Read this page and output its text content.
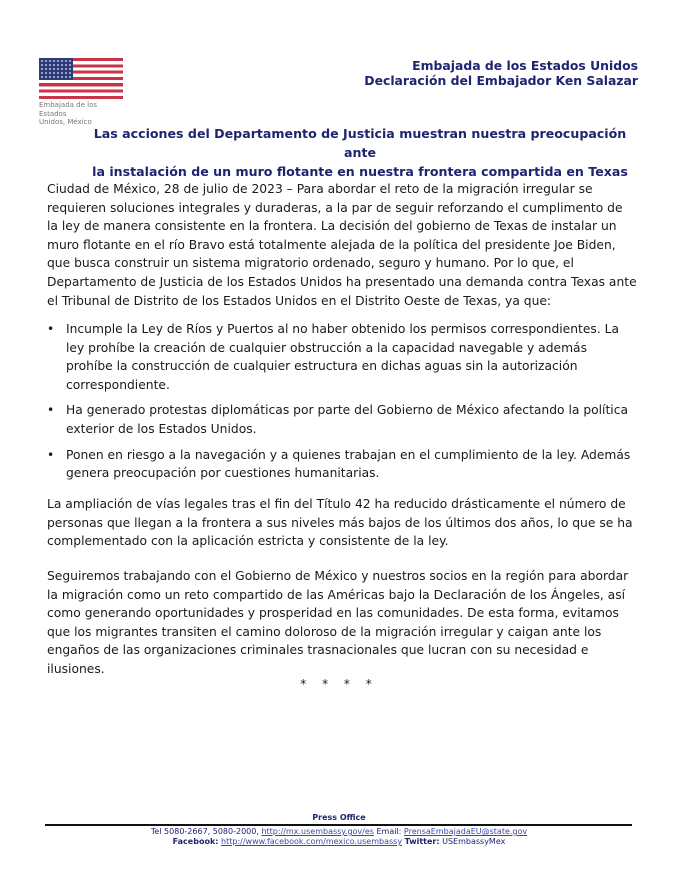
Embajada de los Estados
Unidos, México
Embajada de los Estados Unidos
Declaración del Embajador Ken Salazar
Las acciones del Departamento de Justicia muestran nuestra preocupación ante
la instalación de un muro flotante en nuestra frontera compartida en Texas
Ciudad de México, 28 de julio de 2023 – Para abordar el reto de la migración irregular se requieren soluciones integrales y duraderas, a la par de seguir reforzando el cumplimento de la ley de manera consistente en la frontera. La decisión del gobierno de Texas de instalar un muro flotante en el río Bravo está totalmente alejada de la política del presidente Joe Biden, que busca construir un sistema migratorio ordenado, seguro y humano. Por lo que, el Departamento de Justicia de los Estados Unidos ha presentado una demanda contra Texas ante el Tribunal de Distrito de los Estados Unidos en el Distrito Oeste de Texas, ya que:
• Incumple la Ley de Ríos y Puertos al no haber obtenido los permisos correspondientes. La ley prohíbe la creación de cualquier obstrucción a la capacidad navegable y además prohíbe la construcción de cualquier estructura en dichas aguas sin la autorización correspondiente.
• Ha generado protestas diplomáticas por parte del Gobierno de México afectando la política exterior de los Estados Unidos.
• Ponen en riesgo a la navegación y a quienes trabajan en el cumplimiento de la ley. Además genera preocupación por cuestiones humanitarias.
La ampliación de vías legales tras el fin del Título 42 ha reducido drásticamente el número de personas que llegan a la frontera a sus niveles más bajos de los últimos dos años, lo que se ha complementado con la aplicación estricta y consistente de la ley.
Seguiremos trabajando con el Gobierno de México y nuestros socios en la región para abordar la migración como un reto compartido de las Américas bajo la Declaración de los Ángeles, así como generando oportunidades y prosperidad en las comunidades. De esta forma, evitamos que los migrantes transiten el camino doloroso de la migración irregular y caigan ante los engaños de las organizaciones criminales trasnacionales que lucran con su necesidad e ilusiones.
* * * *
Press Office
Tel 5080-2667, 5080-2000, http://mx.usembassy.gov/es Email: PrensaEmbajadaEU@state.gov
Facebook: http://www.facebook.com/mexico.usembassy Twitter: USEmbassyMex
